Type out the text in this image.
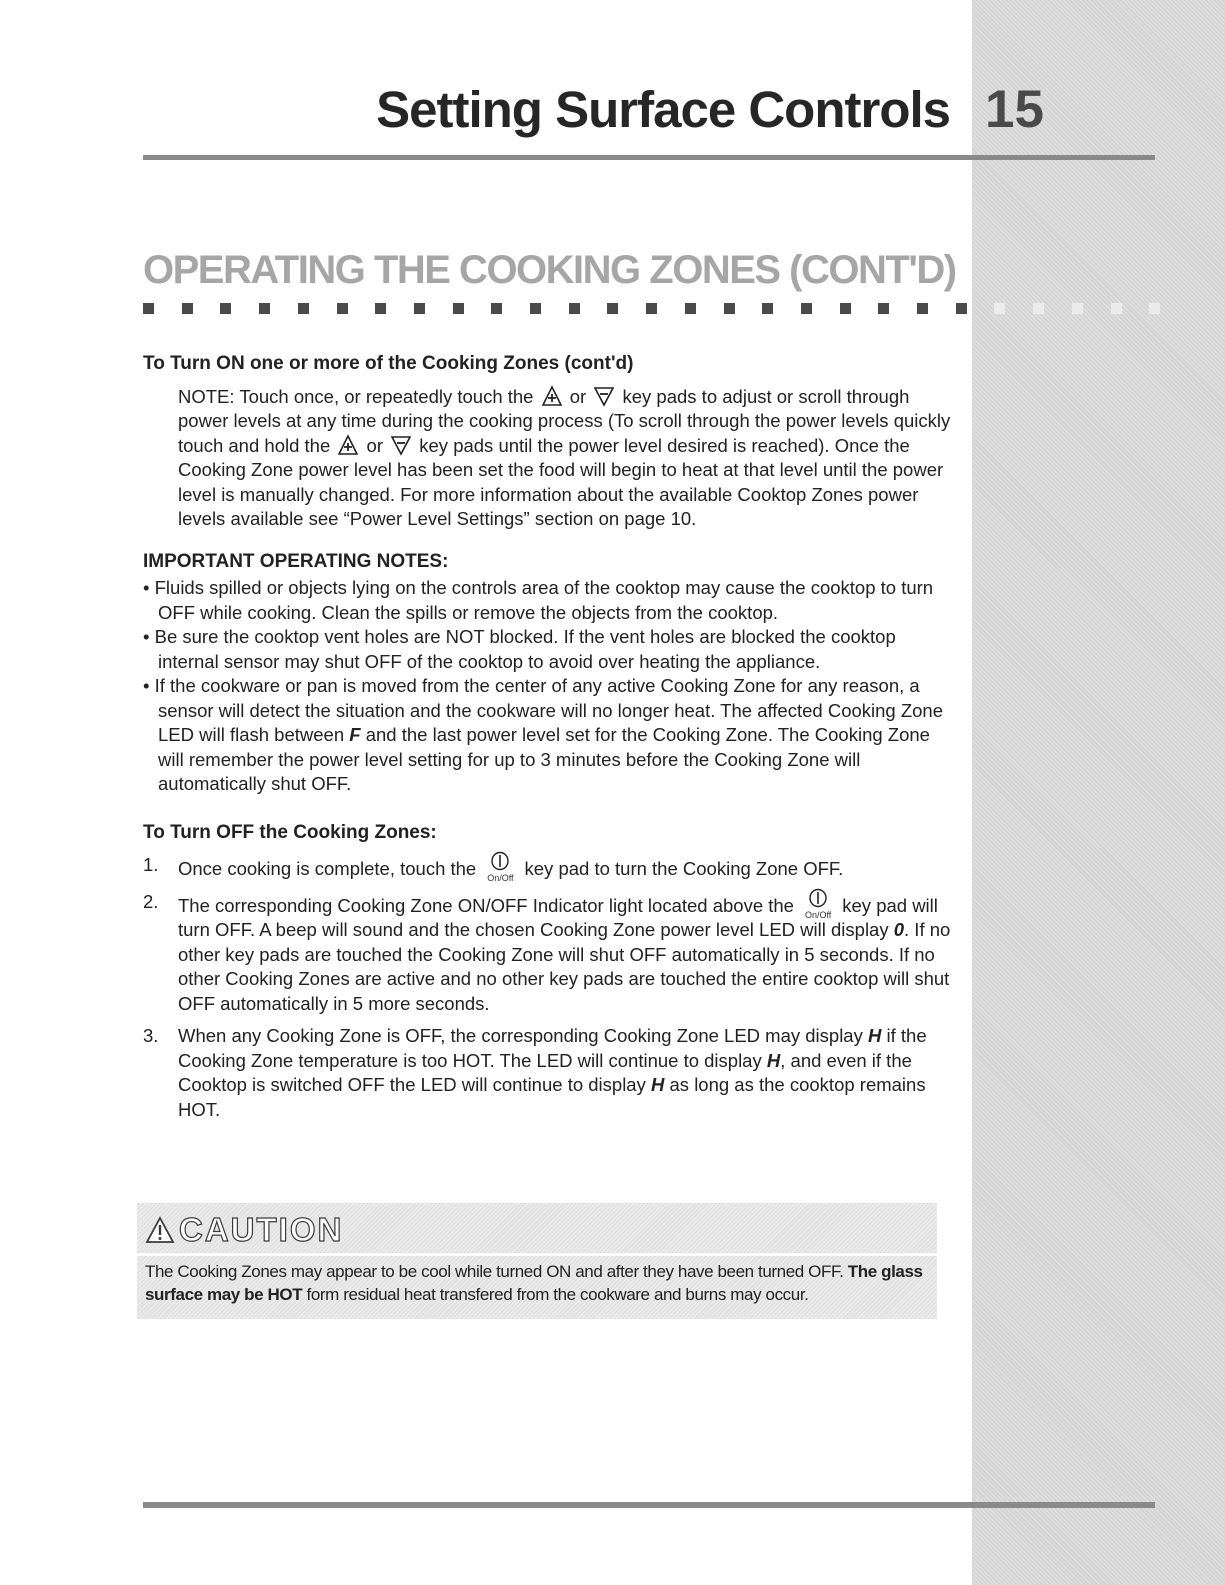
Setting Surface Controls 15
OPERATING THE COOKING ZONES (CONT'D)
To Turn ON one or more of the Cooking Zones (cont'd)

NOTE: Touch once, or repeatedly touch the  or  key pads to adjust or scroll through power levels at any time during the cooking process (To scroll through the power levels quickly touch and hold the  or  key pads until the power level desired is reached). Once the Cooking Zone power level has been set the food will begin to heat at that level until the power level is manually changed. For more information about the available Cooktop Zones power levels available see “Power Level Settings” section on page 10.

IMPORTANT OPERATING NOTES:

• Fluids spilled or objects lying on the controls area of the cooktop may cause the cooktop to turn OFF while cooking. Clean the spills or remove the objects from the cooktop.

• Be sure the cooktop vent holes are NOT blocked. If the vent holes are blocked the cooktop internal sensor may shut OFF of the cooktop to avoid over heating the appliance.

• If the cookware or pan is moved from the center of any active Cooking Zone for any reason, a sensor will detect the situation and the cookware will no longer heat. The affected Cooking Zone LED will flash between F and the last power level set for the Cooking Zone. The Cooking Zone will remember the power level setting for up to 3 minutes before the Cooking Zone will automatically shut OFF.

To Turn OFF the Cooking Zones:
1.	Once cooking is complete, touch the On/Off key pad to turn the Cooking Zone OFF.
2.	The corresponding Cooking Zone ON/OFF Indicator light located above the On/Off key pad will turn OFF. A beep will sound and the chosen Cooking Zone power level LED will display 0. If no other key pads are touched the Cooking Zone will shut OFF automatically in 5 seconds. If no other Cooking Zones are active and no other key pads are touched the entire cooktop will shut OFF automatically in 5 more seconds.
3.	When any Cooking Zone is OFF, the corresponding Cooking Zone LED may display H if the Cooking Zone temperature is too HOT. The LED will continue to display H, and even if the Cooktop is switched OFF the LED will continue to display H as long as the cooktop remains HOT.
CAUTION
The Cooking Zones may appear to be cool while turned ON and after they have been turned OFF. The glass surface may be HOT form residual heat transfered from the cookware and burns may occur.
